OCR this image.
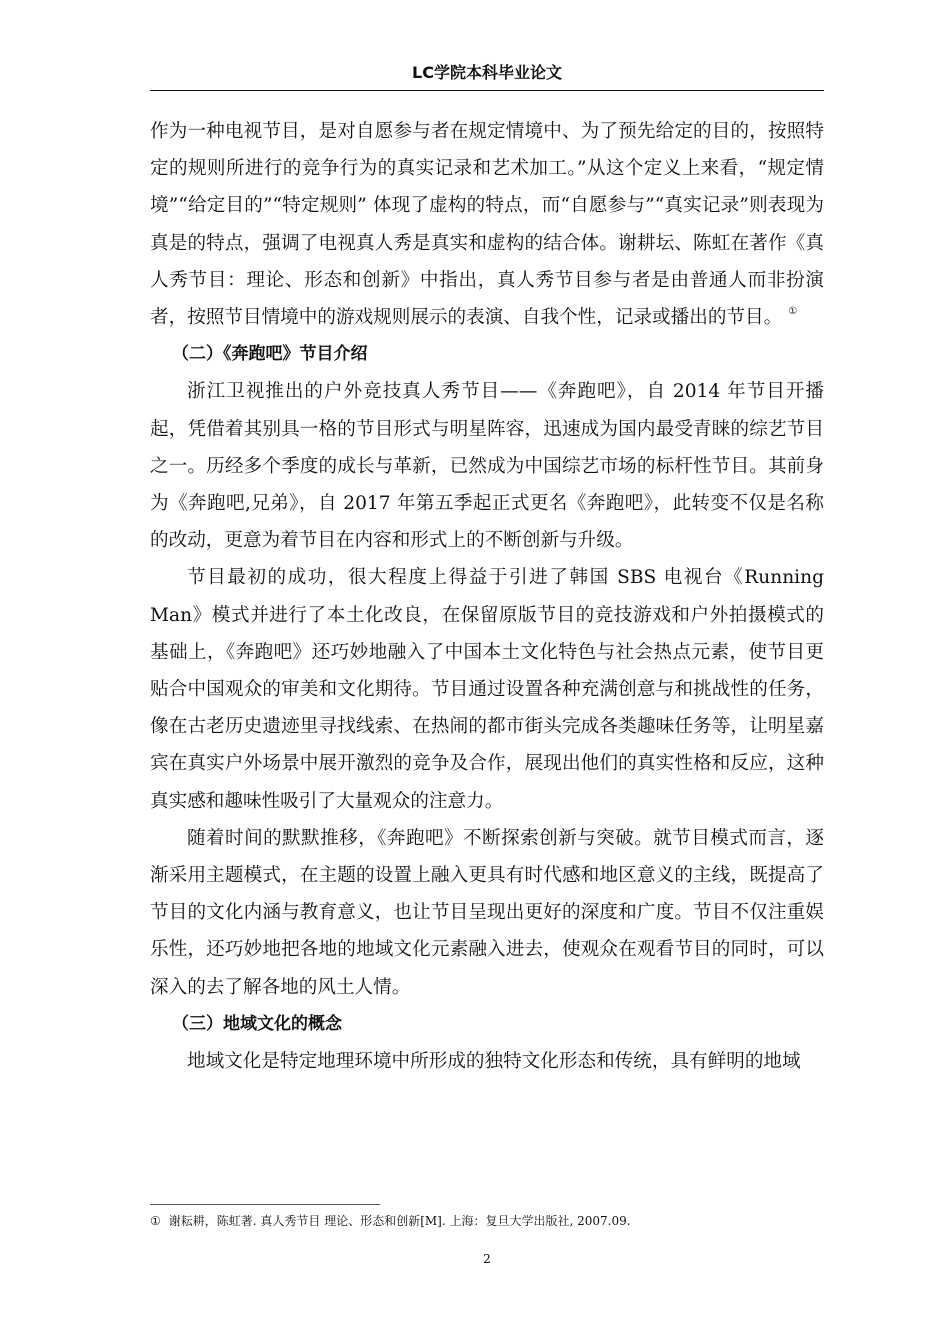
LC学院本科毕业论文

作为一种电视节目，是对自愿参与者在规定情境中、为了预先给定的目的，按照特定的规则所进行的竞争行为的真实记录和艺术加工。”从这个定义上来看，“规定情境”“给定目的”“特定规则” 体现了虚构的特点，而“自愿参与”“真实记录”则表现为真是的特点，强调了电视真人秀是真实和虚构的结合体。谢耕坛、陈虹在著作《真人秀节目：理论、形态和创新》中指出，真人秀节目参与者是由普通人而非扮演者，按照节目情境中的游戏规则展示的表演、自我个性，记录或播出的节目。 ①

（二）《奔跑吧》节目介绍

浙江卫视推出的户外竞技真人秀节目——《奔跑吧》，自 2014 年节目开播起，凭借着其别具一格的节目形式与明星阵容，迅速成为国内最受青睐的综艺节目之一。历经多个季度的成长与革新，已然成为中国综艺市场的标杆性节目。其前身为《奔跑吧,兄弟》，自 2017 年第五季起正式更名《奔跑吧》，此转变不仅是名称的改动，更意为着节目在内容和形式上的不断创新与升级。

节目最初的成功，很大程度上得益于引进了韩国 SBS 电视台《Running Man》模式并进行了本土化改良，在保留原版节目的竞技游戏和户外拍摄模式的基础上，《奔跑吧》还巧妙地融入了中国本土文化特色与社会热点元素，使节目更贴合中国观众的审美和文化期待。节目通过设置各种充满创意与和挑战性的任务，像在古老历史遗迹里寻找线索、在热闹的都市街头完成各类趣味任务等，让明星嘉宾在真实户外场景中展开激烈的竞争及合作，展现出他们的真实性格和反应，这种真实感和趣味性吸引了大量观众的注意力。

随着时间的默默推移，《奔跑吧》不断探索创新与突破。就节目模式而言，逐渐采用主题模式，在主题的设置上融入更具有时代感和地区意义的主线，既提高了节目的文化内涵与教育意义，也让节目呈现出更好的深度和广度。节目不仅注重娱乐性，还巧妙地把各地的地域文化元素融入进去，使观众在观看节目的同时，可以深入的去了解各地的风土人情。

（三）地域文化的概念

地域文化是特定地理环境中所形成的独特文化形态和传统，具有鲜明的地域

① 谢耘耕，陈虹著. 真人秀节目 理论、形态和创新[M]. 上海：复旦大学出版社, 2007.09.
2
